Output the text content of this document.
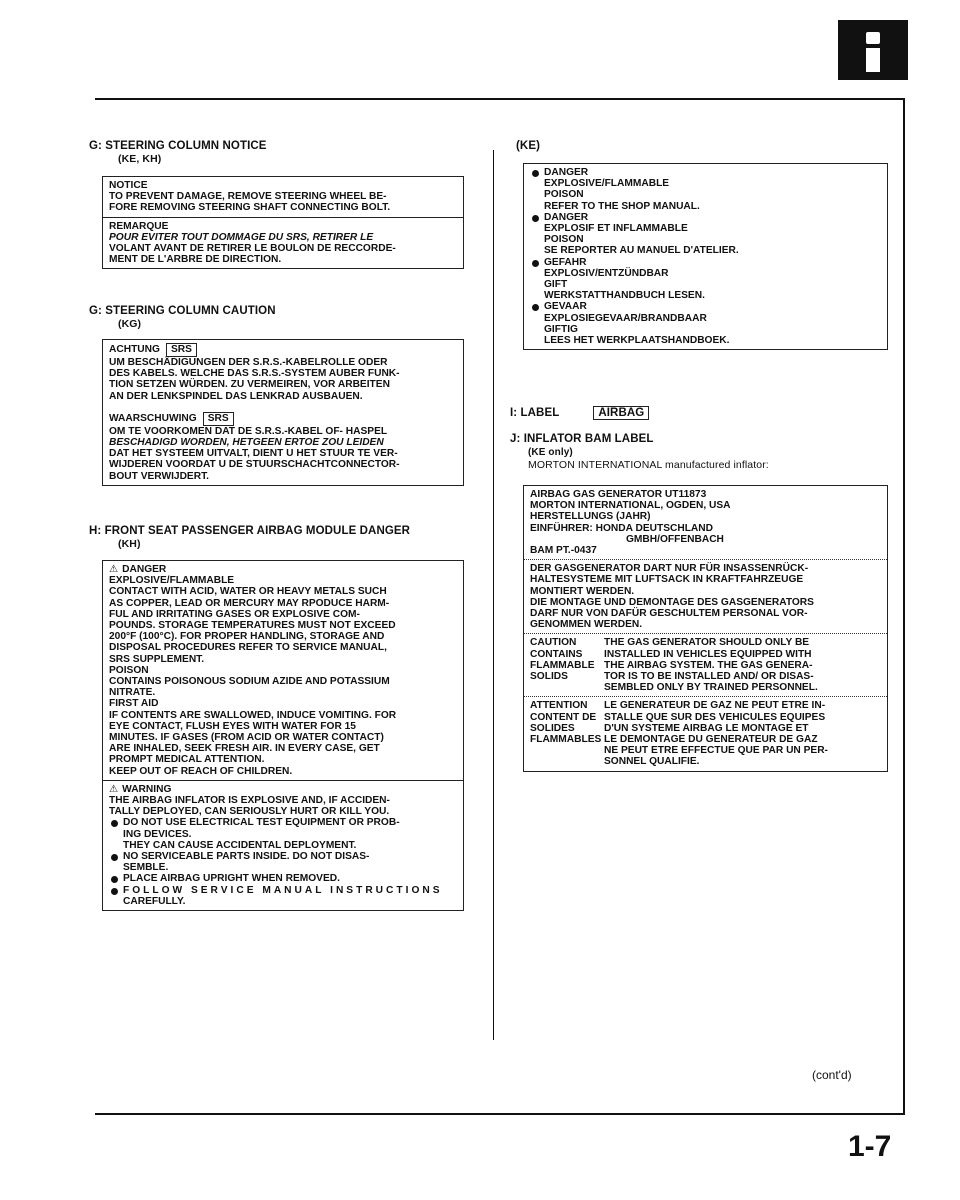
G: STEERING COLUMN NOTICE
(KE, KH)

NOTICE

TO PREVENT DAMAGE, REMOVE STEERING WHEEL BE-

FORE REMOVING STEERING SHAFT CONNECTING BOLT.

REMARQUE

POUR EVITER TOUT DOMMAGE DU SRS, RETIRER LE

VOLANT AVANT DE RETIRER LE BOULON DE RECCORDE-

MENT DE L'ARBRE DE DIRECTION.

G: STEERING COLUMN CAUTION
(KG)

ACHTUNG SRS

UM BESCHÄDIGUNGEN DER S.R.S.-KABELROLLE ODER

DES KABELS. WELCHE DAS S.R.S.-SYSTEM AUBER FUNK-

TION SETZEN WÜRDEN. ZU VERMEIREN, VOR ARBEITEN

AN DER LENKSPINDEL DAS LENKRAD AUSBAUEN.

WAARSCHUWING SRS

OM TE VOORKOMEN DAT DE S.R.S.-KABEL OF- HASPEL

BESCHADIGD WORDEN, HETGEEN ERTOE ZOU LEIDEN

DAT HET SYSTEEM UITVALT, DIENT U HET STUUR TE VER-

WIJDEREN VOORDAT U DE STUURSCHACHTCONNECTOR-

BOUT VERWIJDERT.

H: FRONT SEAT PASSENGER AIRBAG MODULE DANGER
(KH)

⚠ DANGER

EXPLOSIVE/FLAMMABLE

CONTACT WITH ACID, WATER OR HEAVY METALS SUCH

AS COPPER, LEAD OR MERCURY MAY RPODUCE HARM-

FUL AND IRRITATING GASES OR EXPLOSIVE COM-

POUNDS. STORAGE TEMPERATURES MUST NOT EXCEED

200°F (100°C). FOR PROPER HANDLING, STORAGE AND

DISPOSAL PROCEDURES REFER TO SERVICE MANUAL,

SRS SUPPLEMENT.

POISON

CONTAINS POISONOUS SODIUM AZIDE AND POTASSIUM

NITRATE.

FIRST AID

IF CONTENTS ARE SWALLOWED, INDUCE VOMITING. FOR

EYE CONTACT, FLUSH EYES WITH WATER FOR 15

MINUTES. IF GASES (FROM ACID OR WATER CONTACT)

ARE INHALED, SEEK FRESH AIR. IN EVERY CASE, GET

PROMPT MEDICAL ATTENTION.

KEEP OUT OF REACH OF CHILDREN.

⚠ WARNING

THE AIRBAG INFLATOR IS EXPLOSIVE AND, IF ACCIDEN-

TALLY DEPLOYED, CAN SERIOUSLY HURT OR KILL YOU.

DO NOT USE ELECTRICAL TEST EQUIPMENT OR PROB-

ING DEVICES.

THEY CAN CAUSE ACCIDENTAL DEPLOYMENT.

NO SERVICEABLE PARTS INSIDE. DO NOT DISAS-

SEMBLE.

PLACE AIRBAG UPRIGHT WHEN REMOVED.

FOLLOW SERVICE MANUAL INSTRUCTIONS

CAREFULLY.

(KE)

DANGER

EXPLOSIVE/FLAMMABLE

POISON

REFER TO THE SHOP MANUAL.

DANGER

EXPLOSIF ET INFLAMMABLE

POISON

SE REPORTER AU MANUEL D'ATELIER.

GEFAHR

EXPLOSIV/ENTZÜNDBAR

GIFT

WERKSTATTHANDBUCH LESEN.

GEVAAR

EXPLOSIEGEVAAR/BRANDBAAR

GIFTIG

LEES HET WERKPLAATSHANDBOEK.

I: LABEL	AIRBAG
J: INFLATOR BAM LABEL
(KE only)
MORTON INTERNATIONAL manufactured inflator:

AIRBAG GAS GENERATOR UT11873

MORTON INTERNATIONAL, OGDEN, USA

HERSTELLUNGS (JAHR)

EINFÜHRER: HONDA DEUTSCHLAND

GMBH/OFFENBACH

BAM PT.-0437

DER GASGENERATOR DART NUR FÜR INSASSENRÜCK-

HALTESYSTEME MIT LUFTSACK IN KRAFTFAHRZEUGE

MONTIERT WERDEN.

DIE MONTAGE UND DEMONTAGE DES GASGENERATORS

DARF NUR VON DAFÜR GESCHULTEM PERSONAL VOR-

GENOMMEN WERDEN.

CAUTION

CONTAINS

FLAMMABLE

SOLIDS

THE GAS GENERATOR SHOULD ONLY BE

INSTALLED IN VEHICLES EQUIPPED WITH

THE AIRBAG SYSTEM. THE GAS GENERA-

TOR IS TO BE INSTALLED AND/ OR DISAS-

SEMBLED ONLY BY TRAINED PERSONNEL.

ATTENTION

CONTENT DE

SOLIDES

FLAMMABLES

LE GENERATEUR DE GAZ NE PEUT ETRE IN-

STALLE QUE SUR DES VEHICULES EQUIPES

D'UN SYSTEME AIRBAG LE MONTAGE ET

LE DEMONTAGE DU GENERATEUR DE GAZ

NE PEUT ETRE EFFECTUE QUE PAR UN PER-

SONNEL QUALIFIE.

(cont'd)
1-7
